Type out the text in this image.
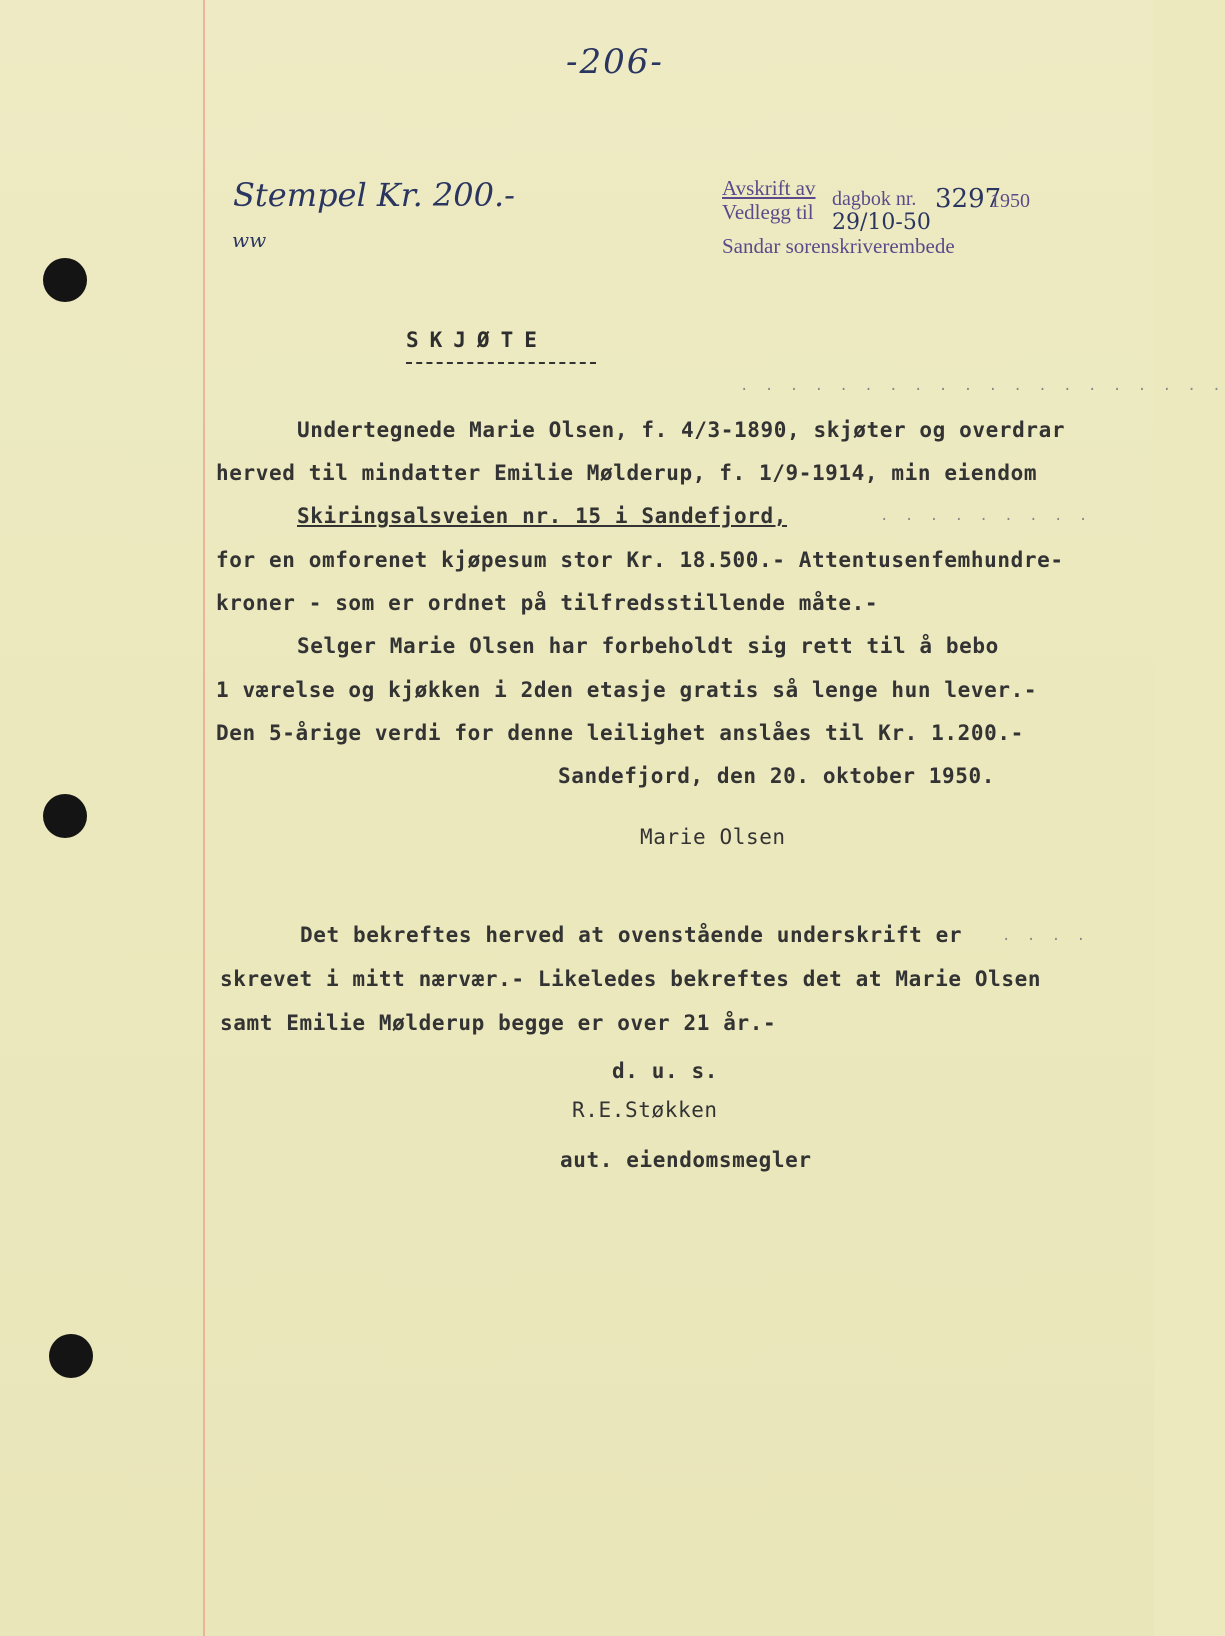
-206-
Stempel Kr. 200.-
ww
Avskrift av
Vedlegg til
dagbok nr. 3297
1950
29/10-50
Sandar sorenskriverembede
SKJØTE
. . . . . . . . . . . . . . . . . . . .
Undertegnede Marie Olsen, f. 4/3-1890, skjøter og overdrar
herved til mindatter Emilie Mølderup, f. 1/9-1914, min eiendom
Skiringsalsveien nr. 15 i Sandefjord,	. . . . . . . . .
for en omforenet kjøpesum stor Kr. 18.500.- Attentusenfemhundre-
kroner - som er ordnet på tilfredsstillende måte.-
Selger Marie Olsen har forbeholdt sig rett til å bebo
1 værelse og kjøkken i 2den etasje gratis så lenge hun lever.-
Den 5-årige verdi for denne leilighet anslåes til Kr. 1.200.-
Sandefjord, den 20. oktober 1950.
Marie Olsen
Det bekreftes herved at ovenstående underskrift er	. . . .
skrevet i mitt nærvær.- Likeledes bekreftes det at Marie Olsen
samt Emilie Mølderup begge er over 21 år.-
d. u. s.
R.E.Støkken
aut. eiendomsmegler
